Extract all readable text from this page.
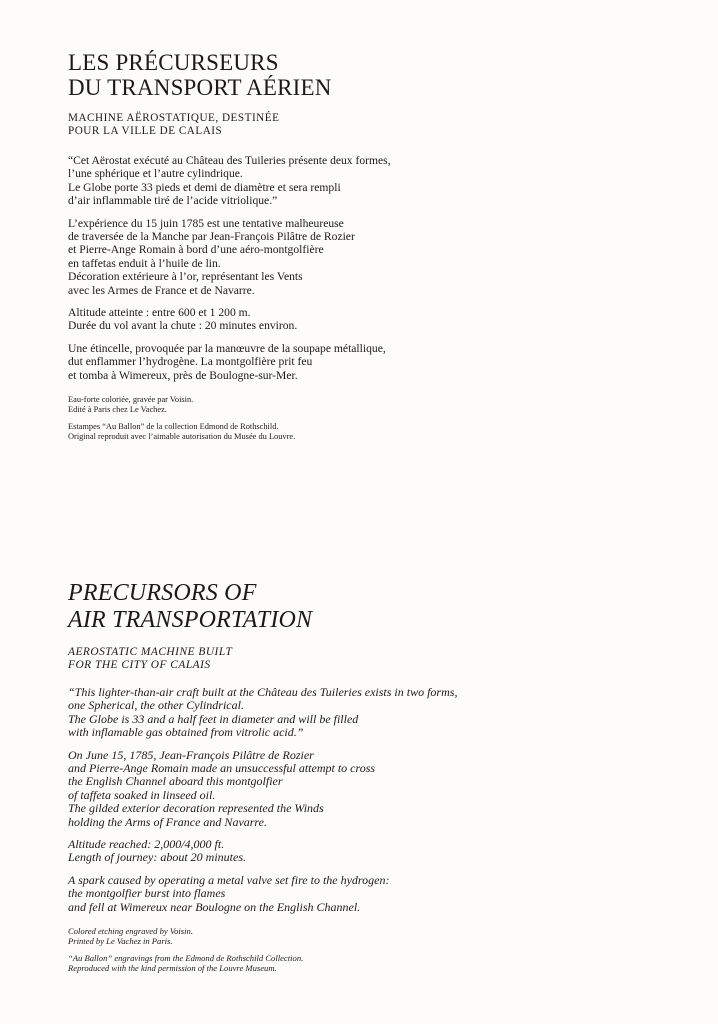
LES PRÉCURSEURS
DU TRANSPORT AÉRIEN
MACHINE AËROSTATIQUE, DESTINÉE
POUR LA VILLE DE CALAIS

“Cet Aërostat exécuté au Château des Tuileries présente deux formes,
l’une sphérique et l’autre cylindrique.
Le Globe porte 33 pieds et demi de diamètre et sera rempli
d’air inflammable tiré de l’acide vitriolique.”

L’expérience du 15 juin 1785 est une tentative malheureuse
de traversée de la Manche par Jean-François Pilâtre de Rozier
et Pierre-Ange Romain à bord d’une aéro-montgolfière
en taffetas enduit à l’huile de lin.
Décoration extérieure à l’or, représentant les Vents
avec les Armes de France et de Navarre.

Altitude atteinte : entre 600 et 1 200 m.
Durée du vol avant la chute : 20 minutes environ.

Une étincelle, provoquée par la manœuvre de la soupape métallique,
dut enflammer l’hydrogène. La montgolfière prit feu
et tomba à Wimereux, près de Boulogne-sur-Mer.

Eau-forte coloriée, gravée par Voisin.
Edité à Paris chez Le Vachez.

Estampes “Au Ballon” de la collection Edmond de Rothschild.
Original reproduit avec l’aimable autorisation du Musée du Louvre.

PRECURSORS OF
AIR TRANSPORTATION
AEROSTATIC MACHINE BUILT
FOR THE CITY OF CALAIS

“This lighter-than-air craft built at the Château des Tuileries exists in two forms,
one Spherical, the other Cylindrical.
The Globe is 33 and a half feet in diameter and will be filled
with inflamable gas obtained from vitrolic acid.”

On June 15, 1785, Jean-François Pilâtre de Rozier
and Pierre-Ange Romain made an unsuccessful attempt to cross
the English Channel aboard this montgolfier
of taffeta soaked in linseed oil.
The gilded exterior decoration represented the Winds
holding the Arms of France and Navarre.

Altitude reached: 2,000/4,000 ft.
Length of journey: about 20 minutes.

A spark caused by operating a metal valve set fire to the hydrogen:
the montgolfier burst into flames
and fell at Wimereux near Boulogne on the English Channel.

Colored etching engraved by Voisin.
Printed by Le Vachez in Paris.

“Au Ballon” engravings from the Edmond de Rothschild Collection.
Reproduced with the kind permission of the Louvre Museum.
